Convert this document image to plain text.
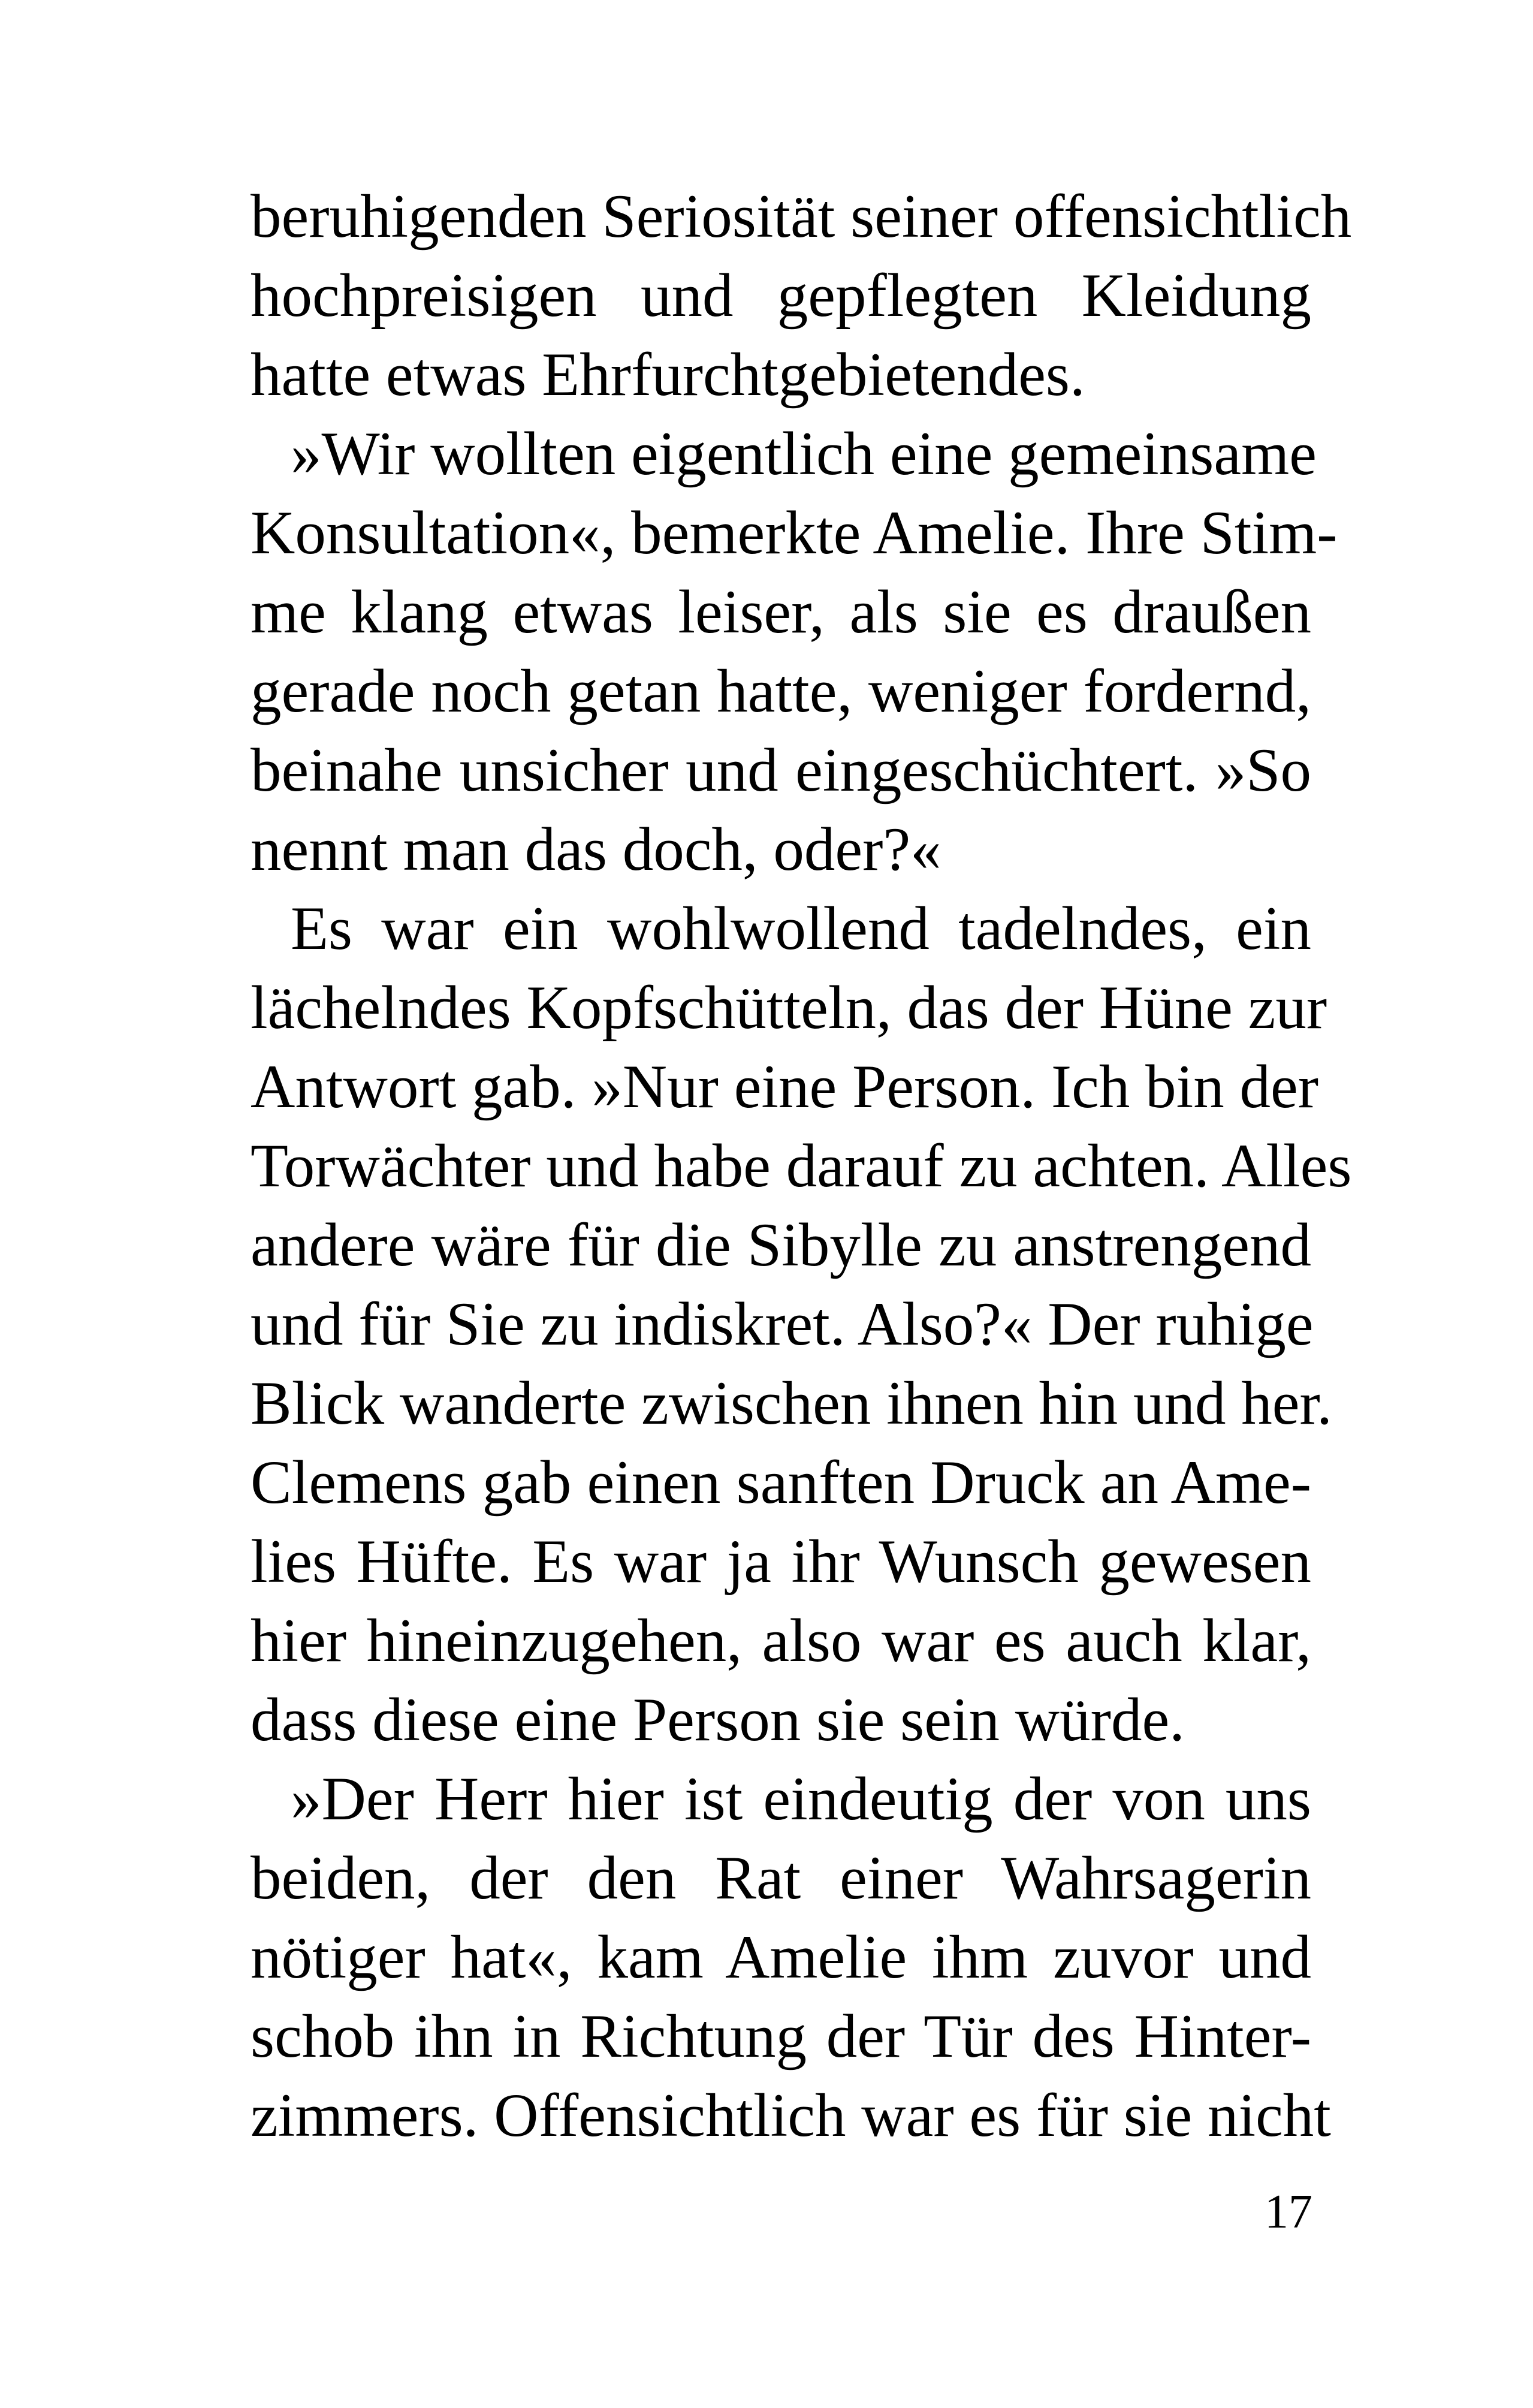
beruhigenden Seriosität seiner offensichtlich
hochpreisigen und gepflegten Kleidung
hatte etwas Ehrfurchtgebietendes.
»Wir wollten eigentlich eine gemeinsame
Konsultation«, bemerkte Amelie. Ihre Stim-
me klang etwas leiser, als sie es draußen
gerade noch getan hatte, weniger fordernd,
beinahe unsicher und eingeschüchtert. »So
nennt man das doch, oder?«
Es war ein wohlwollend tadelndes, ein
lächelndes Kopfschütteln, das der Hüne zur
Antwort gab. »Nur eine Person. Ich bin der
Torwächter und habe darauf zu achten. Alles
andere wäre für die Sibylle zu anstrengend
und für Sie zu indiskret. Also?« Der ruhige
Blick wanderte zwischen ihnen hin und her.
Clemens gab einen sanften Druck an Ame-
lies Hüfte. Es war ja ihr Wunsch gewesen
hier hineinzugehen, also war es auch klar,
dass diese eine Person sie sein würde.
»Der Herr hier ist eindeutig der von uns
beiden, der den Rat einer Wahrsagerin
nötiger hat«, kam Amelie ihm zuvor und
schob ihn in Richtung der Tür des Hinter-
zimmers. Offensichtlich war es für sie nicht
17
